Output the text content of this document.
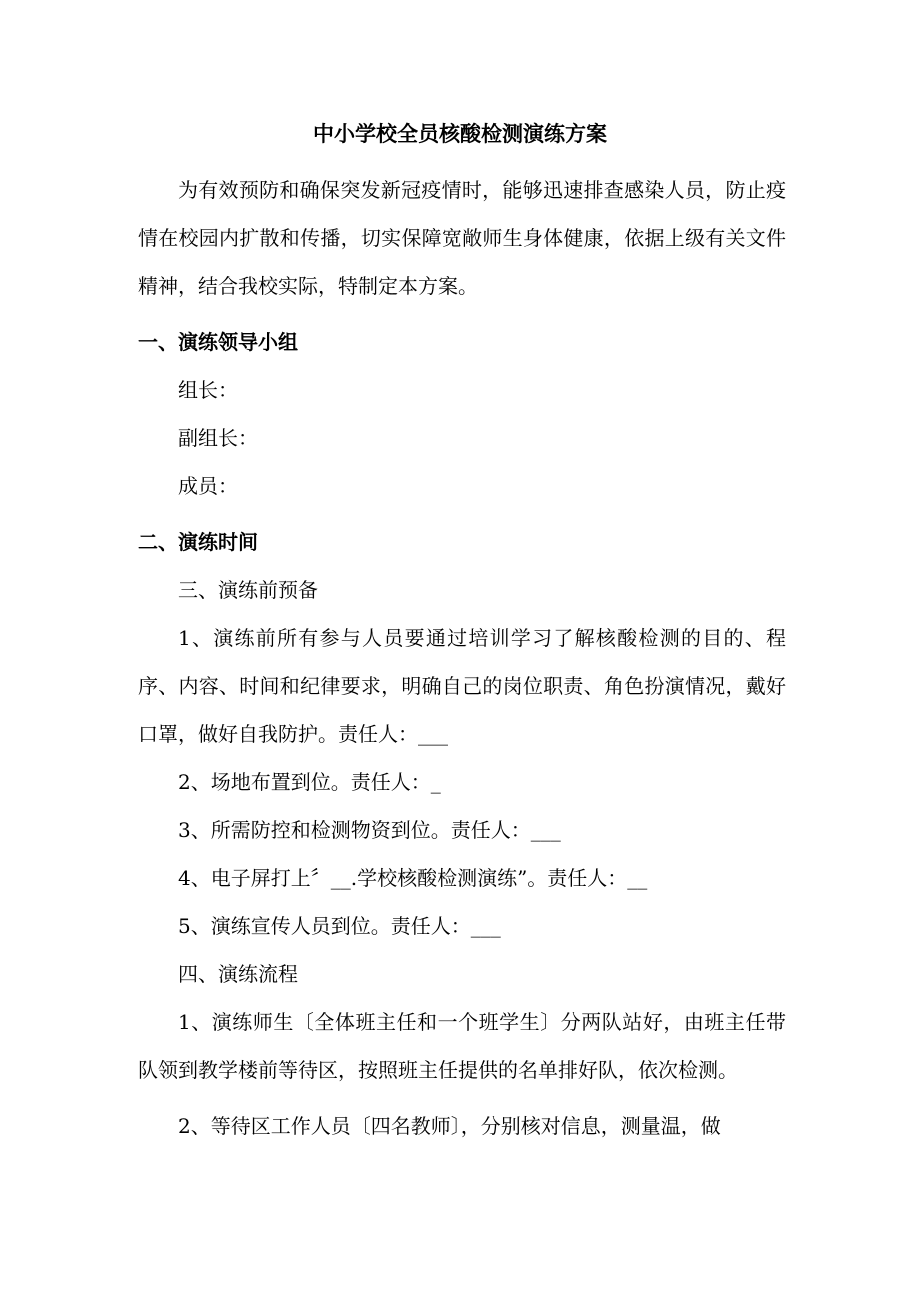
中小学校全员核酸检测演练方案

为有效预防和确保突发新冠疫情时，能够迅速排查感染人员，防止疫情在校园内扩散和传播，切实保障宽敞师生身体健康，依据上级有关文件精神，结合我校实际，特制定本方案。

一、演练领导小组

组长：

副组长：

成员：

二、演练时间

三、演练前预备

1、演练前所有参与人员要通过培训学习了解核酸检测的目的、程序、内容、时间和纪律要求，明确自己的岗位职责、角色扮演情况，戴好口罩，做好自我防护。责任人：___

2、场地布置到位。责任人：_

3、所需防控和检测物资到位。责任人：___

4、电子屏打上〞__.学校核酸检测演练”。责任人：__

5、演练宣传人员到位。责任人：___

四、演练流程

1、演练师生〔全体班主任和一个班学生〕分两队站好，由班主任带队领到教学楼前等待区，按照班主任提供的名单排好队，依次检测。

2、等待区工作人员〔四名教师〕，分别核对信息，测量温，做
